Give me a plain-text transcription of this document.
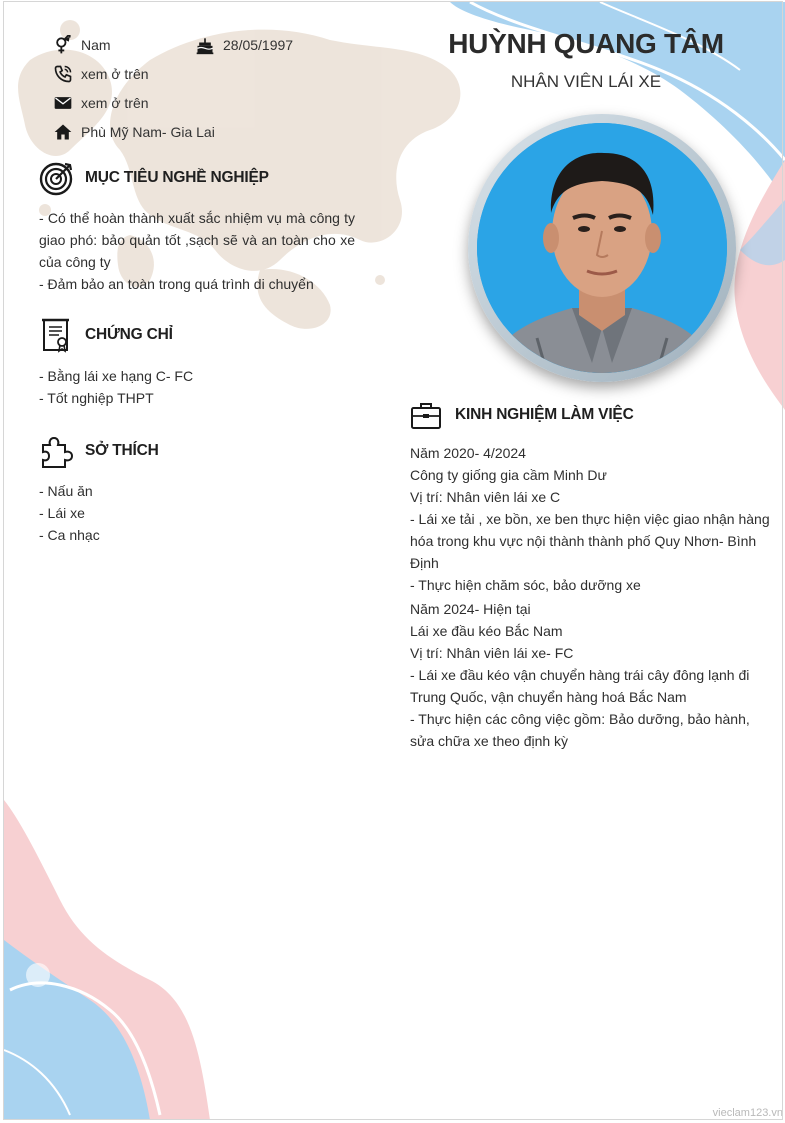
Nam	28/05/1997
xem ở trên
xem ở trên
Phù Mỹ Nam- Gia Lai
MỤC TIÊU NGHỀ NGHIỆP
- Có thể hoàn thành xuất sắc nhiệm vụ mà công ty giao phó: bảo quản tốt ,sạch sẽ và an toàn cho xe của công ty
- Đảm bảo an toàn trong quá trình di chuyển
CHỨNG CHỈ
- Bằng lái xe hạng C- FC
- Tốt nghiệp THPT
SỞ THÍCH
- Nấu ăn
- Lái xe
- Ca nhạc
HUỲNH QUANG TÂM
NHÂN VIÊN LÁI XE
KINH NGHIỆM LÀM VIỆC
Năm 2020- 4/2024
Công ty giống gia cầm Minh Dư
Vị trí: Nhân viên lái xe C
- Lái xe tải , xe bồn, xe ben thực hiện việc giao nhận hàng hóa trong khu vực nội thành thành phố Quy Nhơn- Bình Định
- Thực hiện chăm sóc, bảo dưỡng xe
Năm 2024- Hiện tại
Lái xe đầu kéo Bắc Nam
Vị trí: Nhân viên lái xe- FC
- Lái xe đầu kéo vận chuyển hàng trái cây đông lạnh đi Trung Quốc, vận chuyển hàng hoá Bắc Nam
- Thực hiện các công việc gồm: Bảo dưỡng, bảo hành, sửa chữa xe theo định kỳ
vieclam123.vn
